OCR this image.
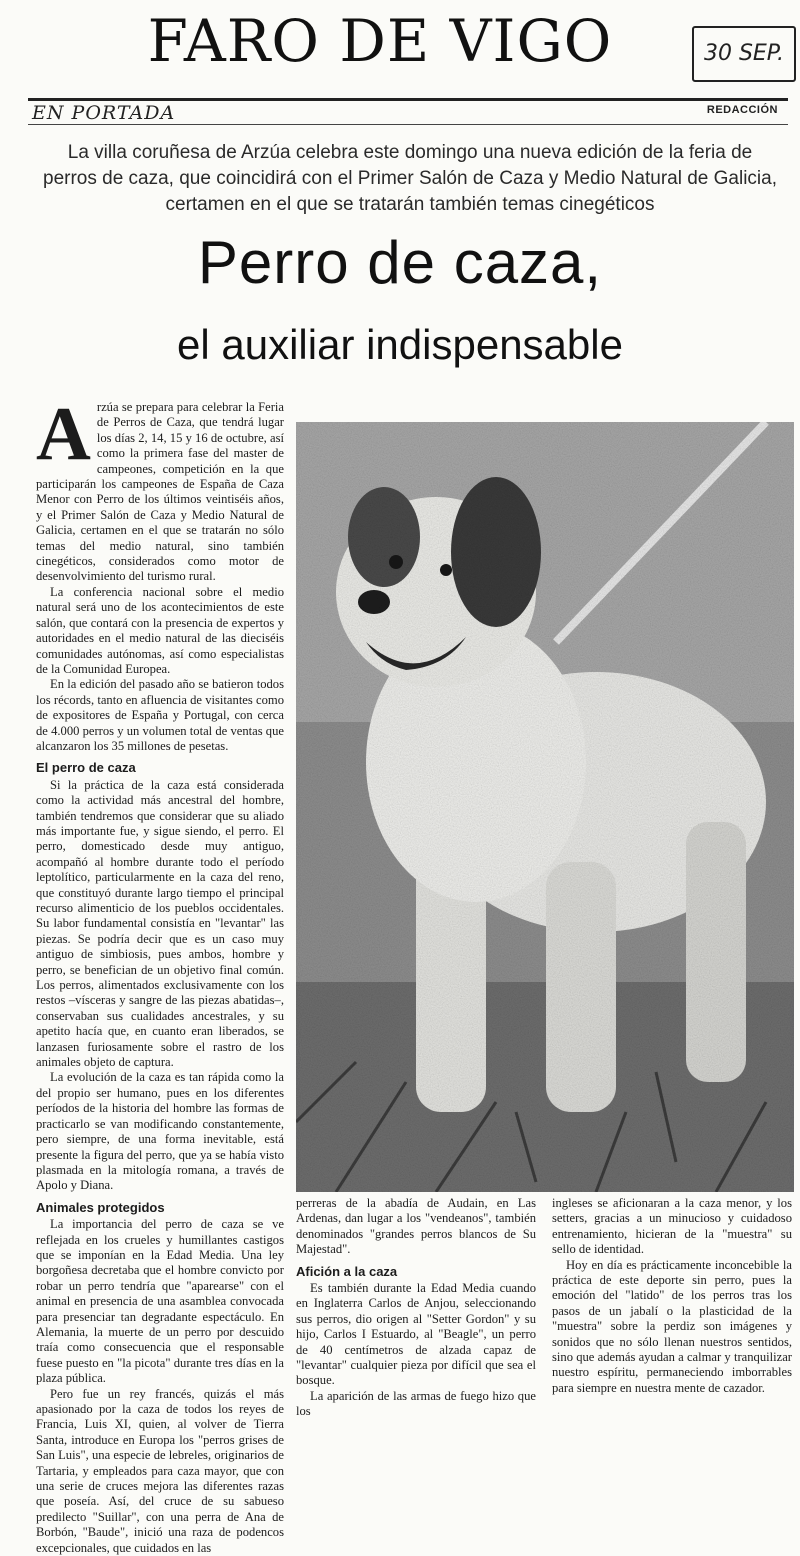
FARO DE VIGO	30 SEP.
EN PORTADA	REDACCIÓN
La villa coruñesa de Arzúa celebra este domingo una nueva edición de la feria de perros de caza, que coincidirá con el Primer Salón de Caza y Medio Natural de Galicia, certamen en el que se tratarán también temas cinegéticos
Perro de caza,
el auxiliar indispensable

Arzúa se prepara para celebrar la Feria de Perros de Caza, que tendrá lugar los días 2, 14, 15 y 16 de octubre, así como la primera fase del master de campeones, competición en la que participarán los campeones de España de Caza Menor con Perro de los últimos veintiséis años, y el Primer Salón de Caza y Medio Natural de Galicia, certamen en el que se tratarán no sólo temas del medio natural, sino también cinegéticos, considerados como motor de desenvolvimiento del turismo rural.

La conferencia nacional sobre el medio natural será uno de los acontecimientos de este salón, que contará con la presencia de expertos y autoridades en el medio natural de las dieciséis comunidades autónomas, así como especialistas de la Comunidad Europea.

En la edición del pasado año se batieron todos los récords, tanto en afluencia de visitantes como de expositores de España y Portugal, con cerca de 4.000 perros y un volumen total de ventas que alcanzaron los 35 millones de pesetas.

El perro de caza

Si la práctica de la caza está considerada como la actividad más ancestral del hombre, también tendremos que considerar que su aliado más importante fue, y sigue siendo, el perro. El perro, domesticado desde muy antiguo, acompañó al hombre durante todo el período leptolítico, particularmente en la caza del reno, que constituyó durante largo tiempo el principal recurso alimenticio de los pueblos occidentales. Su labor fundamental consistía en "levantar" las piezas. Se podría decir que es un caso muy antiguo de simbiosis, pues ambos, hombre y perro, se benefician de un objetivo final común. Los perros, alimentados exclusivamente con los restos –vísceras y sangre de las piezas abatidas–, conservaban sus cualidades ancestrales, y su apetito hacía que, en cuanto eran liberados, se lanzasen furiosamente sobre el rastro de los animales objeto de captura.

La evolución de la caza es tan rápida como la del propio ser humano, pues en los diferentes períodos de la historia del hombre las formas de practicarlo se van modificando constantemente, pero siempre, de una forma inevitable, está presente la figura del perro, que ya se había visto plasmada en la mitología romana, a través de Apolo y Diana.

Animales protegidos

La importancia del perro de caza se ve reflejada en los crueles y humillantes castigos que se imponían en la Edad Media. Una ley borgoñesa decretaba que el hombre convicto por robar un perro tendría que "aparearse" con el animal en presencia de una asamblea convocada para presenciar tan degradante espectáculo. En Alemania, la muerte de un perro por descuido traía como consecuencia que el responsable fuese puesto en "la picota" durante tres días en la plaza pública.

Pero fue un rey francés, quizás el más apasionado por la caza de todos los reyes de Francia, Luis XI, quien, al volver de Tierra Santa, introduce en Europa los "perros grises de San Luis", una especie de lebreles, originarios de Tartaria, y empleados para caza mayor, que con una serie de cruces mejora las diferentes razas que poseía. Así, del cruce de su sabueso predilecto "Suillar", con una perra de Ana de Borbón, "Baude", inició una raza de podencos excepcionales, que cuidados en las

perreras de la abadía de Audain, en Las Ardenas, dan lugar a los "vendeanos", también denominados "grandes perros blancos de Su Majestad".

Afición a la caza

Es también durante la Edad Media cuando en Inglaterra Carlos de Anjou, seleccionando sus perros, dio origen al "Setter Gordon" y su hijo, Carlos I Estuardo, al "Beagle", un perro de 40 centímetros de alzada capaz de "levantar" cualquier pieza por difícil que sea el bosque.

La aparición de las armas de fuego hizo que los

ingleses se aficionaran a la caza menor, y los setters, gracias a un minucioso y cuidadoso entrenamiento, hicieran de la "muestra" su sello de identidad.

Hoy en día es prácticamente inconcebible la práctica de este deporte sin perro, pues la emoción del "latido" de los perros tras los pasos de un jabalí o la plasticidad de la "muestra" sobre la perdiz son imágenes y sonidos que no sólo llenan nuestros sentidos, sino que además ayudan a calmar y tranquilizar nuestro espíritu, permaneciendo imborrables para siempre en nuestra mente de cazador.
